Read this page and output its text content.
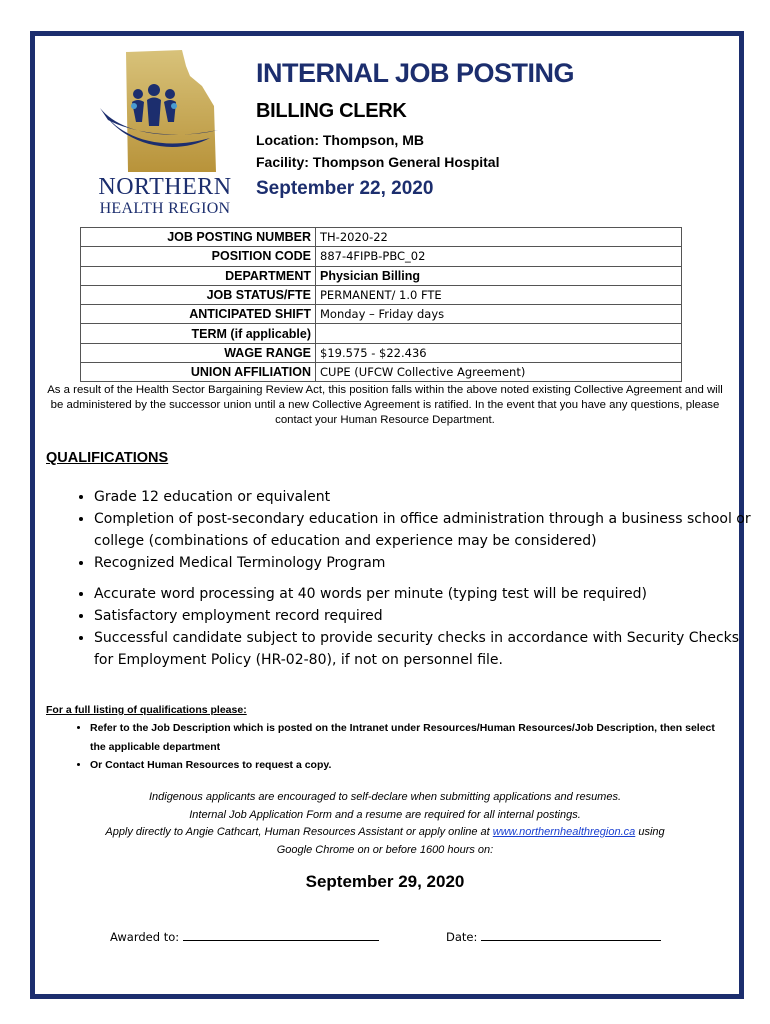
NORTHERN
HEALTH REGION
INTERNAL JOB POSTING
BILLING CLERK
Location: Thompson, MB
Facility: Thompson General Hospital
September 22, 2020
JOB POSTING NUMBER	TH-2020-22
POSITION CODE	887-4FIPB-PBC_02
DEPARTMENT	Physician Billing
JOB STATUS/FTE	PERMANENT/ 1.0 FTE
ANTICIPATED SHIFT	Monday – Friday days
TERM (if applicable)	
WAGE RANGE	$19.575 - $22.436
UNION AFFILIATION	CUPE (UFCW Collective Agreement)
As a result of the Health Sector Bargaining Review Act, this position falls within the above noted existing Collective Agreement and will be administered by the successor union until a new Collective Agreement is ratified. In the event that you have any questions, please contact your Human Resource Department.
QUALIFICATIONS
• Grade 12 education or equivalent
• Completion of post-secondary education in office administration through a business school or college (combinations of education and experience may be considered)
• Recognized Medical Terminology Program
• Accurate word processing at 40 words per minute (typing test will be required)
• Satisfactory employment record required
• Successful candidate subject to provide security checks in accordance with Security Checks for Employment Policy (HR-02-80), if not on personnel file.
For a full listing of qualifications please:
• Refer to the Job Description which is posted on the Intranet under Resources/Human Resources/Job Description, then select the applicable department
• Or Contact Human Resources to request a copy.
Indigenous applicants are encouraged to self-declare when submitting applications and resumes.
Internal Job Application Form and a resume are required for all internal postings.
Apply directly to Angie Cathcart, Human Resources Assistant or apply online at www.northernhealthregion.ca using
Google Chrome on or before 1600 hours on:
September 29, 2020
Awarded to:	Date:
